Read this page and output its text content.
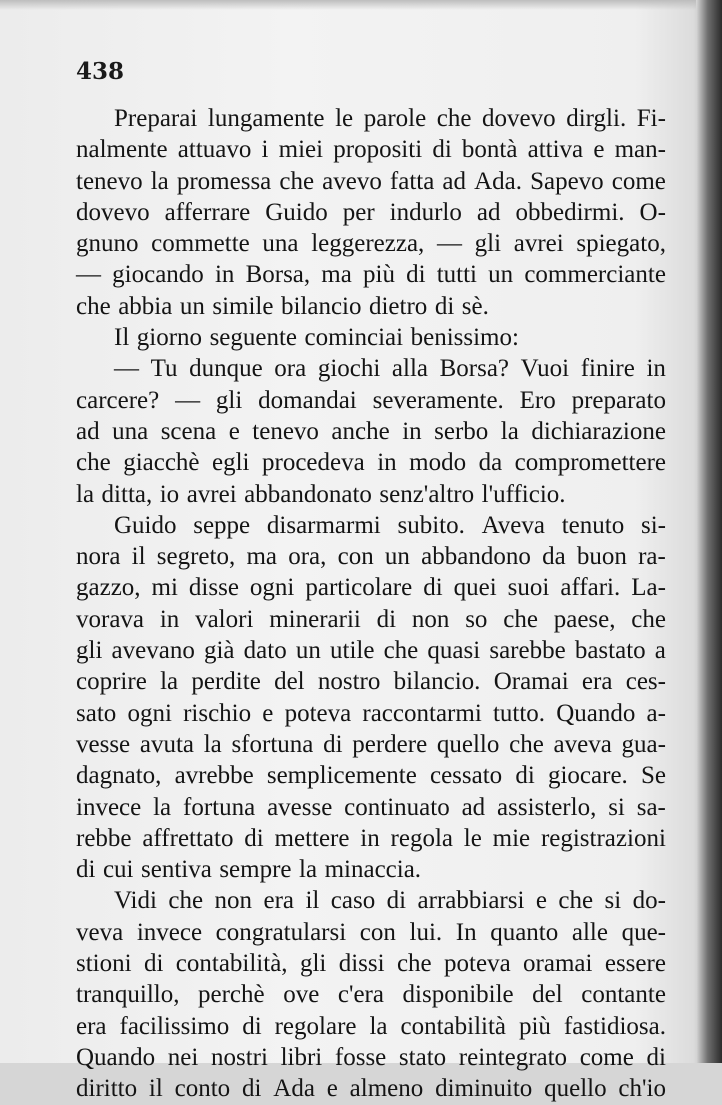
438
Preparai lungamente le parole che dovevo dirgli. Fi-
nalmente attuavo i miei propositi di bontà attiva e man-
tenevo la promessa che avevo fatta ad Ada. Sapevo come
dovevo afferrare Guido per indurlo ad obbedirmi. O-
gnuno commette una leggerezza, — gli avrei spiegato,
— giocando in Borsa, ma più di tutti un commerciante
che abbia un simile bilancio dietro di sè.
Il giorno seguente cominciai benissimo:
— Tu dunque ora giochi alla Borsa? Vuoi finire in
carcere? — gli domandai severamente. Ero preparato
ad una scena e tenevo anche in serbo la dichiarazione
che giacchè egli procedeva in modo da compromettere
la ditta, io avrei abbandonato senz'altro l'ufficio.
Guido seppe disarmarmi subito. Aveva tenuto si-
nora il segreto, ma ora, con un abbandono da buon ra-
gazzo, mi disse ogni particolare di quei suoi affari. La-
vorava in valori minerarii di non so che paese, che
gli avevano già dato un utile che quasi sarebbe bastato a
coprire la perdite del nostro bilancio. Oramai era ces-
sato ogni rischio e poteva raccontarmi tutto. Quando a-
vesse avuta la sfortuna di perdere quello che aveva gua-
dagnato, avrebbe semplicemente cessato di giocare. Se
invece la fortuna avesse continuato ad assisterlo, si sa-
rebbe affrettato di mettere in regola le mie registrazioni
di cui sentiva sempre la minaccia.
Vidi che non era il caso di arrabbiarsi e che si do-
veva invece congratularsi con lui. In quanto alle que-
stioni di contabilità, gli dissi che poteva oramai essere
tranquillo, perchè ove c'era disponibile del contante
era facilissimo di regolare la contabilità più fastidiosa.
Quando nei nostri libri fosse stato reintegrato come di
diritto il conto di Ada e almeno diminuito quello ch'io
